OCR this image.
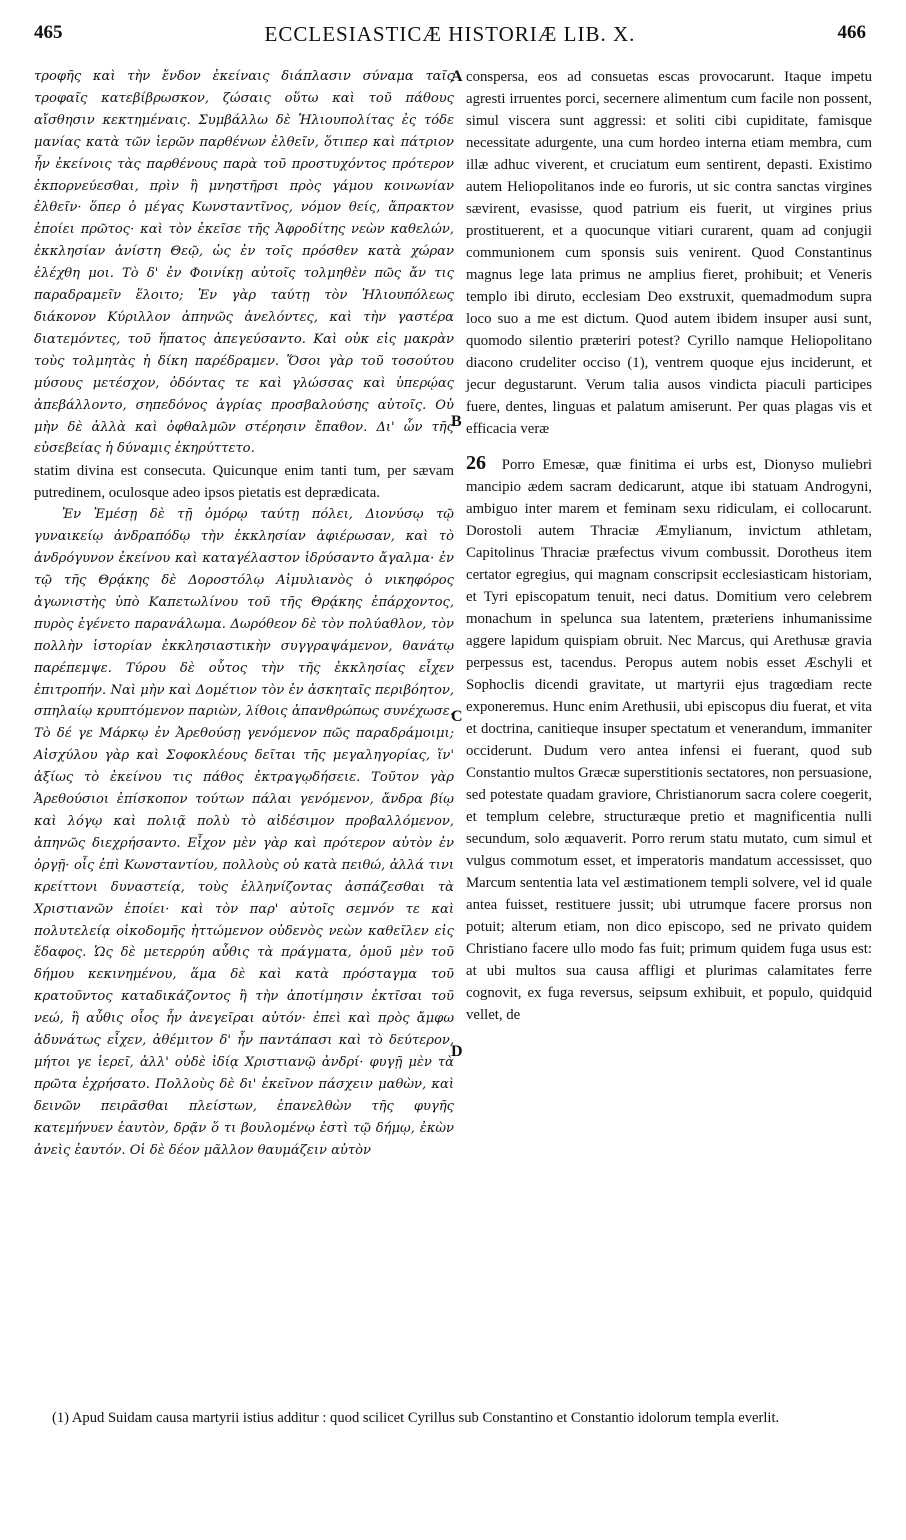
465	ECCLESIASTICÆ HISTORIÆ LIB. X.	466

τροφῆς καὶ τὴν ἔνδον ἐκείναις διάπλασιν σύναμα ταῖς τροφαῖς κατεβίβρωσκον, ζώσαις οὕτω καὶ τοῦ πάθους αἴσθησιν κεκτημέναις. Συμβάλλω δὲ Ἡλιουπολίτας ἐς τόδε μανίας κατὰ τῶν ἱερῶν παρθένων ἐλθεῖν, ὅτιπερ καὶ πάτριον ἦν ἐκείνοις τὰς παρθένους παρὰ τοῦ προστυχόντος πρότερον ἐκπορνεύεσθαι, πρὶν ἢ μνηστῆρσι πρὸς γάμου κοινωνίαν ἐλθεῖν· ὅπερ ὁ μέγας Κωνσταντῖνος, νόμον θείς, ἄπρακτον ἐποίει πρῶτος· καὶ τὸν ἐκεῖσε τῆς Ἀφροδίτης νεὼν καθελών, ἐκκλησίαν ἀνίστη Θεῷ, ὡς ἐν τοῖς πρόσθεν κατὰ χώραν ἐλέχθη μοι. Τὸ δ' ἐν Φοινίκῃ αὐτοῖς τολμηθὲν πῶς ἄν τις παραδραμεῖν ἕλοιτο; Ἐν γὰρ ταύτῃ τὸν Ἡλιουπόλεως διάκονον Κύριλλον ἀπηνῶς ἀνελόντες, καὶ τὴν γαστέρα διατεμόντες, τοῦ ἥπατος ἀπεγεύσαντο. Καὶ οὐκ εἰς μακρὰν τοὺς τολμητὰς ἡ δίκη παρέδραμεν. Ὅσοι γὰρ τοῦ τοσούτου μύσους μετέσχον, ὀδόντας τε καὶ γλώσσας καὶ ὑπερῴας ἀπεβάλλοντο, σηπεδόνος ἀγρίας προσβαλούσης αὐτοῖς. Οὐ μὴν δὲ ἀλλὰ καὶ ὀφθαλμῶν στέρησιν ἔπαθον. Δι' ὧν τῆς εὐσεβείας ἡ δύναμις ἐκηρύττετο.

statim divina est consecuta. Quicunque enim tanti tum, per sævam putredinem, oculosque adeo ipsos pietatis est deprædicata.

Ἐν Ἐμέσῃ δὲ τῇ ὁμόρῳ ταύτῃ πόλει, Διονύσῳ τῷ γυναικείῳ ἀνδραπόδῳ τὴν ἐκκλησίαν ἀφιέρωσαν, καὶ τὸ ἀνδρόγυνον ἐκείνου καὶ καταγέλαστον ἱδρύσαντο ἄγαλμα· ἐν τῷ τῆς Θρᾴκης δὲ Δοροστόλῳ Αἰμυλιανὸς ὁ νικηφόρος ἀγωνιστὴς ὑπὸ Καπετωλίνου τοῦ τῆς Θρᾴκης ἐπάρχοντος, πυρὸς ἐγένετο παρανάλωμα. Δωρόθεον δὲ τὸν πολύαθλον, τὸν πολλὴν ἱστορίαν ἐκκλησιαστικὴν συγγραψάμενον, θανάτῳ παρέπεμψε. Τύρου δὲ οὗτος τὴν τῆς ἐκκλησίας εἶχεν ἐπιτροπήν. Ναὶ μὴν καὶ Δομέτιον τὸν ἐν ἀσκηταῖς περιβόητον, σπηλαίῳ κρυπτόμενον παριὼν, λίθοις ἀπανθρώπως συνέχωσε. Τὸ δέ γε Μάρκῳ ἐν Ἀρεθούσῃ γενόμενον πῶς παραδράμοιμι; Αἰσχύλου γὰρ καὶ Σοφοκλέους δεῖται τῆς μεγαληγορίας, ἵν' ἀξίως τὸ ἐκείνου τις πάθος ἐκτραγῳδήσειε. Τοῦτον γὰρ Ἀρεθούσιοι ἐπίσκοπον τούτων πάλαι γενόμενον, ἄνδρα βίῳ καὶ λόγῳ καὶ πολιᾷ πολὺ τὸ αἰδέσιμον προβαλλόμενον, ἀπηνῶς διεχρήσαντο. Εἶχον μὲν γὰρ καὶ πρότερον αὐτὸν ἐν ὀργῇ· οἷς ἐπὶ Κωνσταντίου, πολλοὺς οὐ κατὰ πειθώ, ἀλλά τινι κρείττονι δυναστείᾳ, τοὺς ἑλληνίζοντας ἀσπάζεσθαι τὰ Χριστιανῶν ἐποίει· καὶ τὸν παρ' αὐτοῖς σεμνόν τε καὶ πολυτελείᾳ οἰκοδομῆς ἡττώμενον οὐδενὸς νεὼν καθεῖλεν εἰς ἔδαφος. Ὡς δὲ μετερρύη αὖθις τὰ πράγματα, ὁμοῦ μὲν τοῦ δήμου κεκινημένου, ἅμα δὲ καὶ κατὰ πρόσταγμα τοῦ κρατοῦντος καταδικάζοντος ἢ τὴν ἀποτίμησιν ἐκτῖσαι τοῦ νεώ, ἢ αὖθις οἷος ἦν ἀνεγεῖραι αὐτόν· ἐπεὶ καὶ πρὸς ἄμφω ἀδυνάτως εἶχεν, ἀθέμιτον δ' ἦν παντάπασι καὶ τὸ δεύτερον, μήτοι γε ἱερεῖ, ἀλλ' οὐδὲ ἰδίᾳ Χριστιανῷ ἀνδρί· φυγῇ μὲν τὰ πρῶτα ἐχρήσατο. Πολλοὺς δὲ δι' ἐκεῖνον πάσχειν μαθὼν, καὶ δεινῶν πειρᾶσθαι πλείστων, ἐπανελθὼν τῆς φυγῆς κατεμήνυεν ἑαυτὸν, δρᾷν ὅ τι βουλομένῳ ἐστὶ τῷ δήμῳ, ἐκὼν ἀνεὶς ἑαυτόν. Οἱ δὲ δέον μᾶλλον θαυμάζειν αὐτὸν

A
B
C
D

conspersa, eos ad consuetas escas provocarunt. Itaque impetu agresti irruentes porci, secernere alimentum cum facile non possent, simul viscera sunt aggressi: et soliti cibi cupiditate, famisque necessitate adurgente, una cum hordeo interna etiam membra, cum illæ adhuc viverent, et cruciatum eum sentirent, depasti. Existimo autem Heliopolitanos inde eo furoris, ut sic contra sanctas virgines sævirent, evasisse, quod patrium eis fuerit, ut virgines prius prostituerent, et a quocunque vitiari curarent, quam ad conjugii communionem cum sponsis suis venirent. Quod Constantinus magnus lege lata primus ne amplius fieret, prohibuit; et Veneris templo ibi diruto, ecclesiam Deo exstruxit, quemadmodum supra loco suo a me est dictum. Quod autem ibidem insuper ausi sunt, quomodo silentio præteriri potest? Cyrillo namque Heliopolitano diacono crudeliter occiso (1), ventrem quoque ejus inciderunt, et jecur degustarunt. Verum talia ausos vindicta piaculi participes fuere, dentes, linguas et palatum amiserunt. Per quas plagas vis et efficacia veræ

26 Porro Emesæ, quæ finitima ei urbs est, Dionyso muliebri mancipio ædem sacram dedicarunt, atque ibi statuam Androgyni, ambiguo inter marem et feminam sexu ridiculam, ei collocarunt. Dorostoli autem Thraciæ Æmylianum, invictum athletam, Capitolinus Thraciæ præfectus vivum combussit. Dorotheus item certator egregius, qui magnam conscripsit ecclesiasticam historiam, et Tyri episcopatum tenuit, neci datus. Domitium vero celebrem monachum in spelunca sua latentem, præteriens inhumanissime aggere lapidum quispiam obruit. Nec Marcus, qui Arethusæ gravia perpessus est, tacendus. Peropus autem nobis esset Æschyli et Sophoclis dicendi gravitate, ut martyrii ejus tragœdiam recte exponeremus. Hunc enim Arethusii, ubi episcopus diu fuerat, et vita et doctrina, canitieque insuper spectatum et venerandum, immaniter occiderunt. Dudum vero antea infensi ei fuerant, quod sub Constantio multos Græcæ superstitionis sectatores, non persuasione, sed potestate quadam graviore, Christianorum sacra colere coegerit, et templum celebre, structuræque pretio et magnificentia nulli secundum, solo æquaverit. Porro rerum statu mutato, cum simul et vulgus commotum esset, et imperatoris mandatum accessisset, quo Marcum sententia lata vel æstimationem templi solvere, vel id quale antea fuisset, restituere jussit; ubi utrumque facere prorsus non potuit; alterum etiam, non dico episcopo, sed ne privato quidem Christiano facere ullo modo fas fuit; primum quidem fuga usus est: at ubi multos sua causa affligi et plurimas calamitates ferre cognovit, ex fuga reversus, seipsum exhibuit, et populo, quidquid vellet, de

(1) Apud Suidam causa martyrii istius additur : quod scilicet Cyrillus sub Constantino et Constantio idolorum templa everlit.
